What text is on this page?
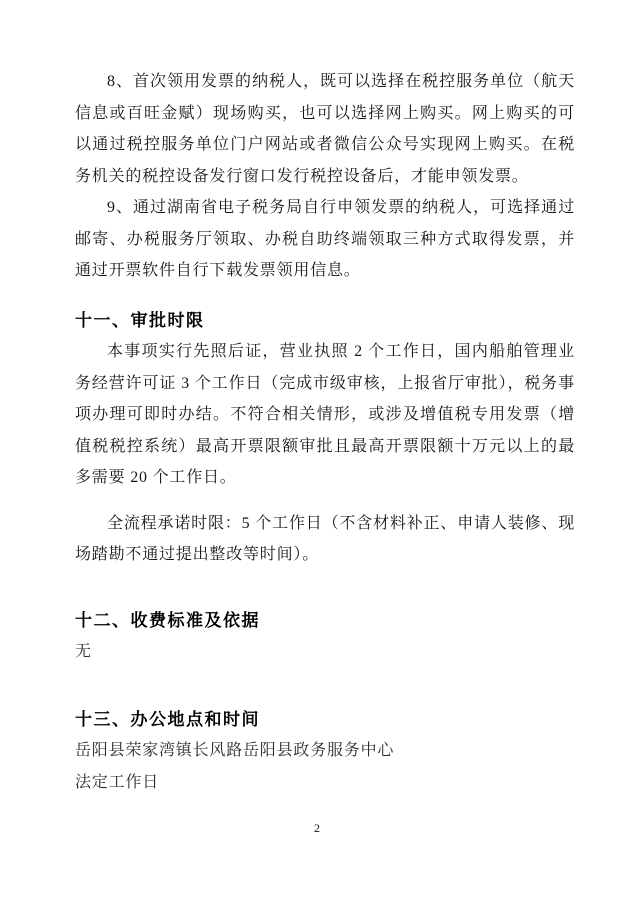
8、首次领用发票的纳税人，既可以选择在税控服务单位（航天信息或百旺金赋）现场购买，也可以选择网上购买。网上购买的可以通过税控服务单位门户网站或者微信公众号实现网上购买。在税务机关的税控设备发行窗口发行税控设备后，才能申领发票。

9、通过湖南省电子税务局自行申领发票的纳税人，可选择通过邮寄、办税服务厅领取、办税自助终端领取三种方式取得发票，并通过开票软件自行下载发票领用信息。

十一、审批时限

本事项实行先照后证，营业执照 2 个工作日，国内船舶管理业务经营许可证 3 个工作日（完成市级审核，上报省厅审批），税务事项办理可即时办结。不符合相关情形，或涉及增值税专用发票（增值税税控系统）最高开票限额审批且最高开票限额十万元以上的最多需要 20 个工作日。

全流程承诺时限：5 个工作日（不含材料补正、申请人装修、现场踏勘不通过提出整改等时间）。

十二、收费标准及依据

无

十三、办公地点和时间

岳阳县荣家湾镇长风路岳阳县政务服务中心

法定工作日

2
